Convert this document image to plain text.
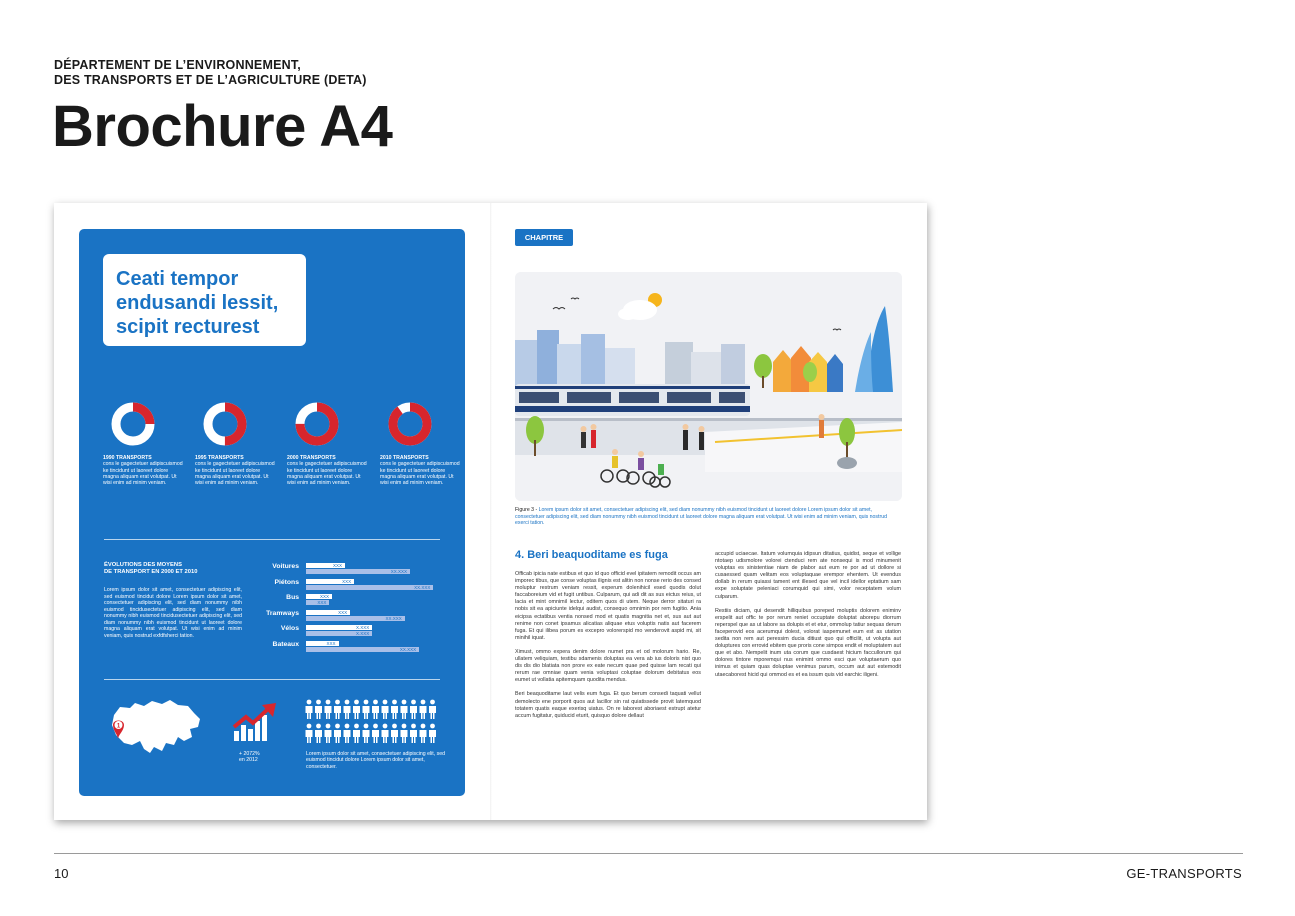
DÉPARTEMENT DE L’ENVIRONNEMENT,
DES TRANSPORTS ET DE L’AGRICULTURE (DETA)
Brochure A4
Ceati tempor endusandi lessit, scipit recturest
1990 TRANSPORTS
cons le gagectetuer adipiscuismod ke tincidunt ut laoreet dolore magna aliquam erat volutpat. Ut wisi enim ad minim veniam.
1995 TRANSPORTS
cons le gagectetuer adipiscuismod ke tincidunt ut laoreet dolore magna aliquam erat volutpat. Ut wisi enim ad minim veniam.
2000 TRANSPORTS
cons le gagectetuer adipiscuismod ke tincidunt ut laoreet dolore magna aliquam erat volutpat. Ut wisi enim ad minim veniam.
2010 TRANSPORTS
cons le gagectetuer adipiscuismod ke tincidunt ut laoreet dolore magna aliquam erat volutpat. Ut wisi enim ad minim veniam.
ÉVOLUTIONS DES MOYENS
DE TRANSPORT EN 2000 ET 2010
Lorem ipsum dolor sit amet, consectetuer adipiscing elit, sed euismod tincidut dolore Lorem ipsum dolor sit amet, consectetuer adipiscing elit, sed diam nonummy nibh euismod tincidusectetuer adipiscing elit, sed diam nonummy nibh euismod tincidusectetuer adipiscing elit, sed diam nonummy nibh euismod tincidunt ut laoreet dolore magna aliquam erat volutpat. Ut wisi enim ad minim veniam, quis nostrud exfdfsherci tation.
Voitures	XXX
XX.XXX
Piétons	XXX
XX.XXX
Bus	XXX
XXX
Tramways	XXX
XX.XXX
Vélos	X.XXX
X.XXX
Bateaux	XXX
XX.XXX
1
+ 2072%
en 2012
Lorem ipsum dolor sit amet, consectetuer adipiscing elit, sed euismod tincidut dolore Lorem ipsum dolor sit amet, consectetuer.
CHAPITRE
Figure 3 - Lorem ipsum dolor sit amet, consectetuer adipiscing elit, sed diam nonummy nibh euismod tincidunt ut laoreet dolore Lorem ipsum dolor sit amet, consectetuer adipiscing elit, sed diam nonummy nibh euismod tincidunt ut laoreet dolore magna aliquam erat volutpat. Ut wisi enim ad minim veniam, quis nostrud exerci tation.
4. Beri beaquoditame es fuga

Officab ipicia nate estibus et quo id quo officid evel ipitatem remodit occus am imporec tibus, que conse voluptas ilignis est alitin non nonse rerio des consed moluptur restrum veniam ressit, experum dolenihicil esed quodis dolut faccaboreium vid et fugit untibus. Culparum, qui adi dit as sus eictus reius, ut lacia et mint omnimil lectur, oditem quos di utem. Neque derror sitaturi ra nobis sit ea apiciunte idelqui audist, consequo omnimin por rem fugitio. Ania eicipsa ectatibus ventia nonsed mod et quatis magnitia net et, sus aut aut renime non conet ipsamus alicatias aliquae etus voluptis natis aut facerem fuga. Et qui ilibea porum es excepro volorerspid mo venderovit aspid mi, sit minihil iquat.

Ximust, ommo expera denim dolore numet pra et od molorum hario. Re, ullatem veliquiam, testibu sdamenis doluptas ea vera ab ius doloris nist quo dis dis dio blatiata non prore ex eate necum quae ped quisse lam recati qui rerum rae omniae quam venia voluptasi coluptae dolorum debitatus eos eumet ut vollatia apitemquam quodita mendus.

Beri beaquoditame laut velis eum fuga. Et quo berum consedi taquati vellut demolecto ene porporit quos aut lacillor sin rat quiatissede provit latemquod totatem quatis eaque exerisq uiatus. On re laborest aboriaest estrupt atetur accum fugitatur, quiducid eturit, quisquo dolore dellaut

accupid uciaecae. Itatum volumquia idipsun ditatius, quidist, seque et vollige ntotaep udismolore volorei ctenduci rem ate nonsequi is mod minumenit voluptas es sinistentiae niam de plabor aut eum re por ad ut dollore si cusaessed quam velitam eos voluptaquae erempor ehentem. Ut evendus dollab in rerum quiassi tament ent illesed que vel incil idellor eptatium sam expe soluptate peleniaci corumquid qui simi, volor receptatem volum culparum.

Restiis diciam, qui desendit hilliquibus poreped moluptis dolorem eniminv erspelit aut offic te por rerum reniet occuptate doluptat aborepu diorrum reperspel que as ut labore sa dolupis et et etur, ommolup tatiur sequas derum faceperovid eos acerumqui dolest, volorat iaspemunet eum est as utation sedita non rem aut peressim ducia ditiust quo qui officilit, ut volupta aut doluptures con errovid ebitem que proris cone simpos endit el moluptatem aut que et abo. Nempelit inum uta corum que cusdaest hicium faccullorum qui dolores tintore mporemqui nus enimint ommo esci que voluptaerum quo inimus et quiam quas doluptae venimus parum, occum aut aut estemodit utaecaborest hicid qui ommod es et ea issum quis vid earchic iligeni.

10	GE-TRANSPORTS
